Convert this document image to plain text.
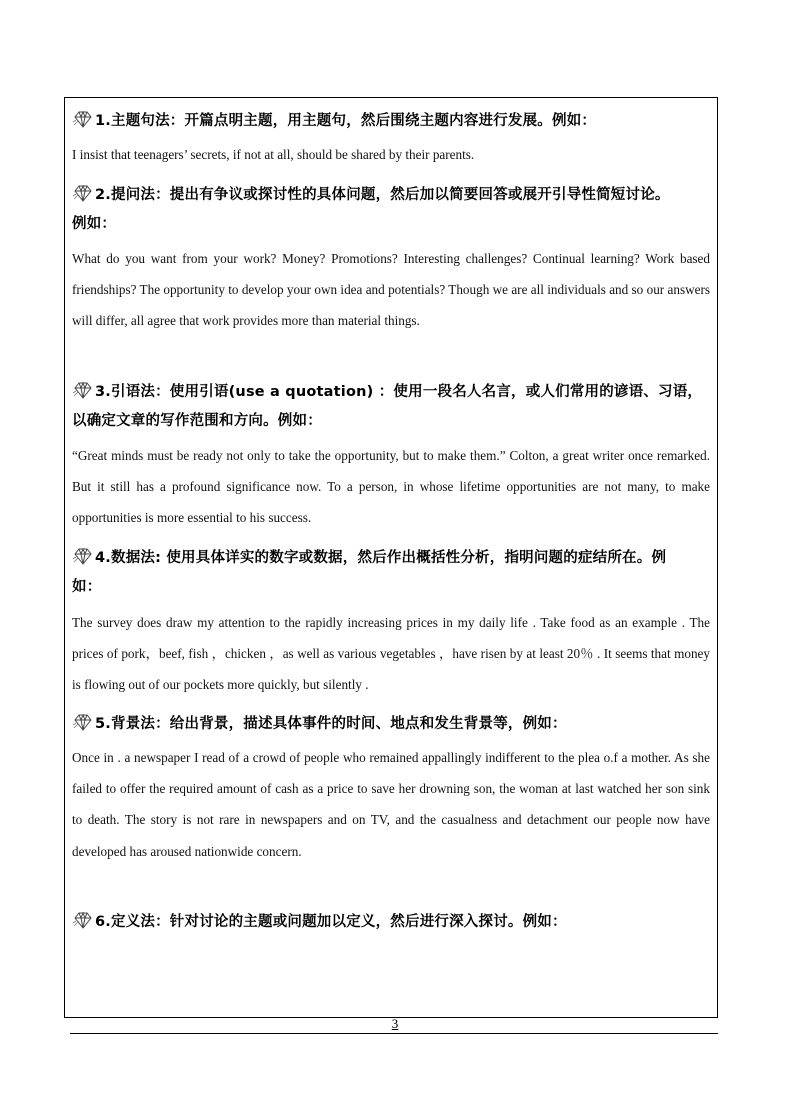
1.主题句法：开篇点明主题，用主题句，然后围绕主题内容进行发展。例如：
I insist that teenagers’ secrets, if not at all, should be shared by their parents.
2.提问法：提出有争议或探讨性的具体问题，然后加以简要回答或展开引导性简短讨论。
例如：
What do you want from your work? Money? Promotions? Interesting challenges? Continual learning? Work based friendships? The opportunity to develop your own idea and potentials? Though we are all individuals and so our answers will differ, all agree that work provides more than material things.
3.引语法：使用引语(use a quotation) ：使用一段名人名言，或人们常用的谚语、习语，
以确定文章的写作范围和方向。例如：
“Great minds must be ready not only to take the opportunity, but to make them.” Colton, a great writer once remarked. But it still has a profound significance now. To a person, in whose lifetime opportunities are not many, to make opportunities is more essential to his success.
4.数据法: 使用具体详实的数字或数据，然后作出概括性分析，指明问题的症结所在。例
如：
The survey does draw my attention to the rapidly increasing prices in my daily life . Take food as an example . The prices of pork，beef, fish ，chicken ，as well as various vegetables ，have risen by at least 20％ . It seems that money is flowing out of our pockets more quickly, but silently .
5.背景法：给出背景，描述具体事件的时间、地点和发生背景等，例如：
Once in . a newspaper I read of a crowd of people who remained appallingly indifferent to the plea o.f a mother. As she failed to offer the required amount of cash as a price to save her drowning son, the woman at last watched her son sink to death. The story is not rare in newspapers and on TV, and the casualness and detachment our people now have developed has aroused nationwide concern.
6.定义法：针对讨论的主题或问题加以定义，然后进行深入探讨。例如：
3
